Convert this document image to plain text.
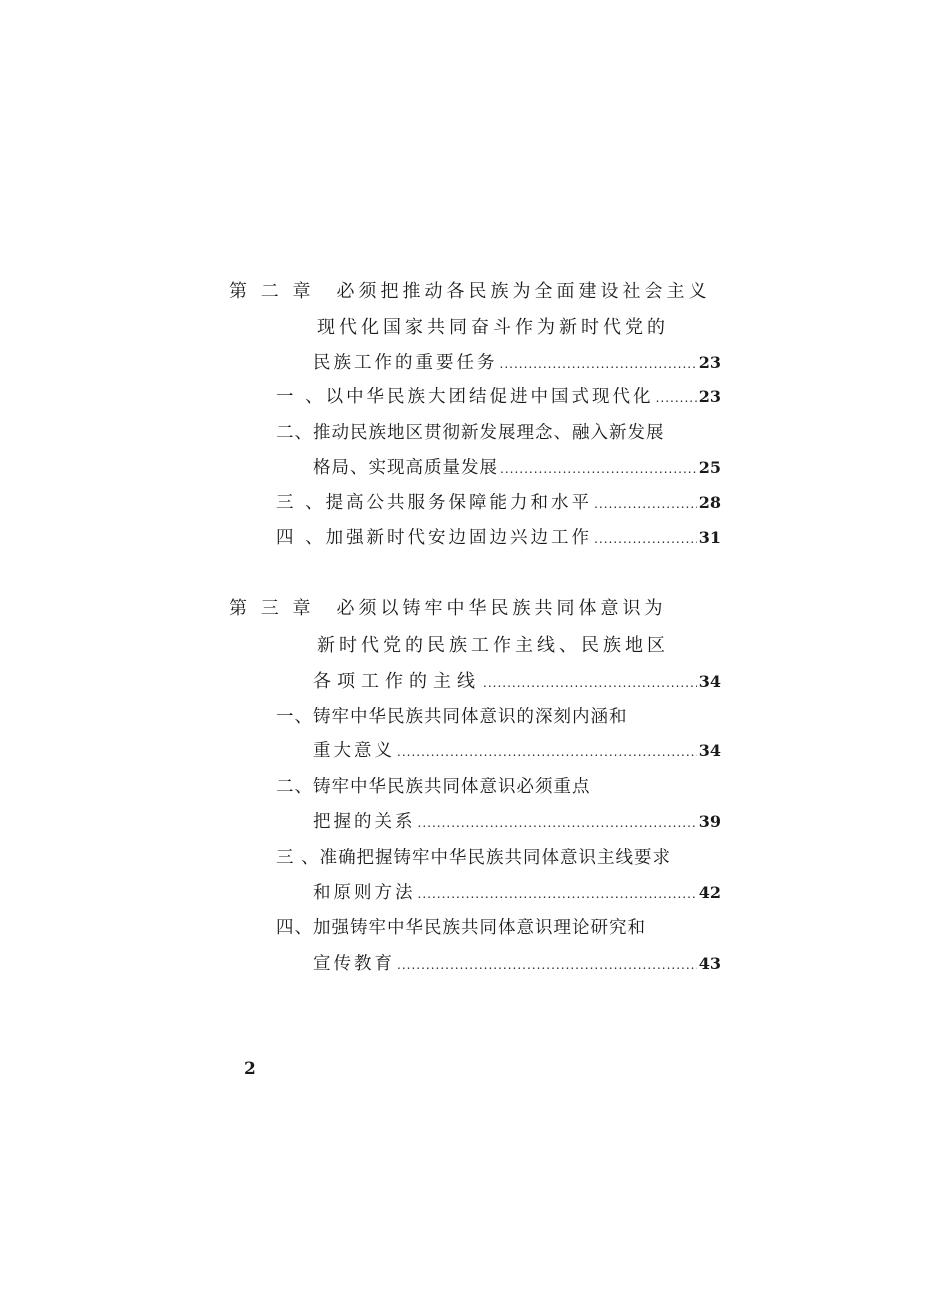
第 二 章　必须把推动各民族为全面建设社会主义
现代化国家共同奋斗作为新时代党的
民族工作的重要任务 .....	23
一 、以中华民族大团结促进中国式现代化 .....	23
二、推动民族地区贯彻新发展理念、融入新发展
格局、实现高质量发展 .....	25
三 、提高公共服务保障能力和水平 .....	28
四 、加强新时代安边固边兴边工作 .....	31
第 三 章　必须以铸牢中华民族共同体意识为
新时代党的民族工作主线、民族地区
各项工作的主线 .....	34
一、铸牢中华民族共同体意识的深刻内涵和
重大意义 .....	34
二、铸牢中华民族共同体意识必须重点
把握的关系 .....	39
三 、准确把握铸牢中华民族共同体意识主线要求
和原则方法 .....	42
四、加强铸牢中华民族共同体意识理论研究和
宣传教育 .....	43
2
